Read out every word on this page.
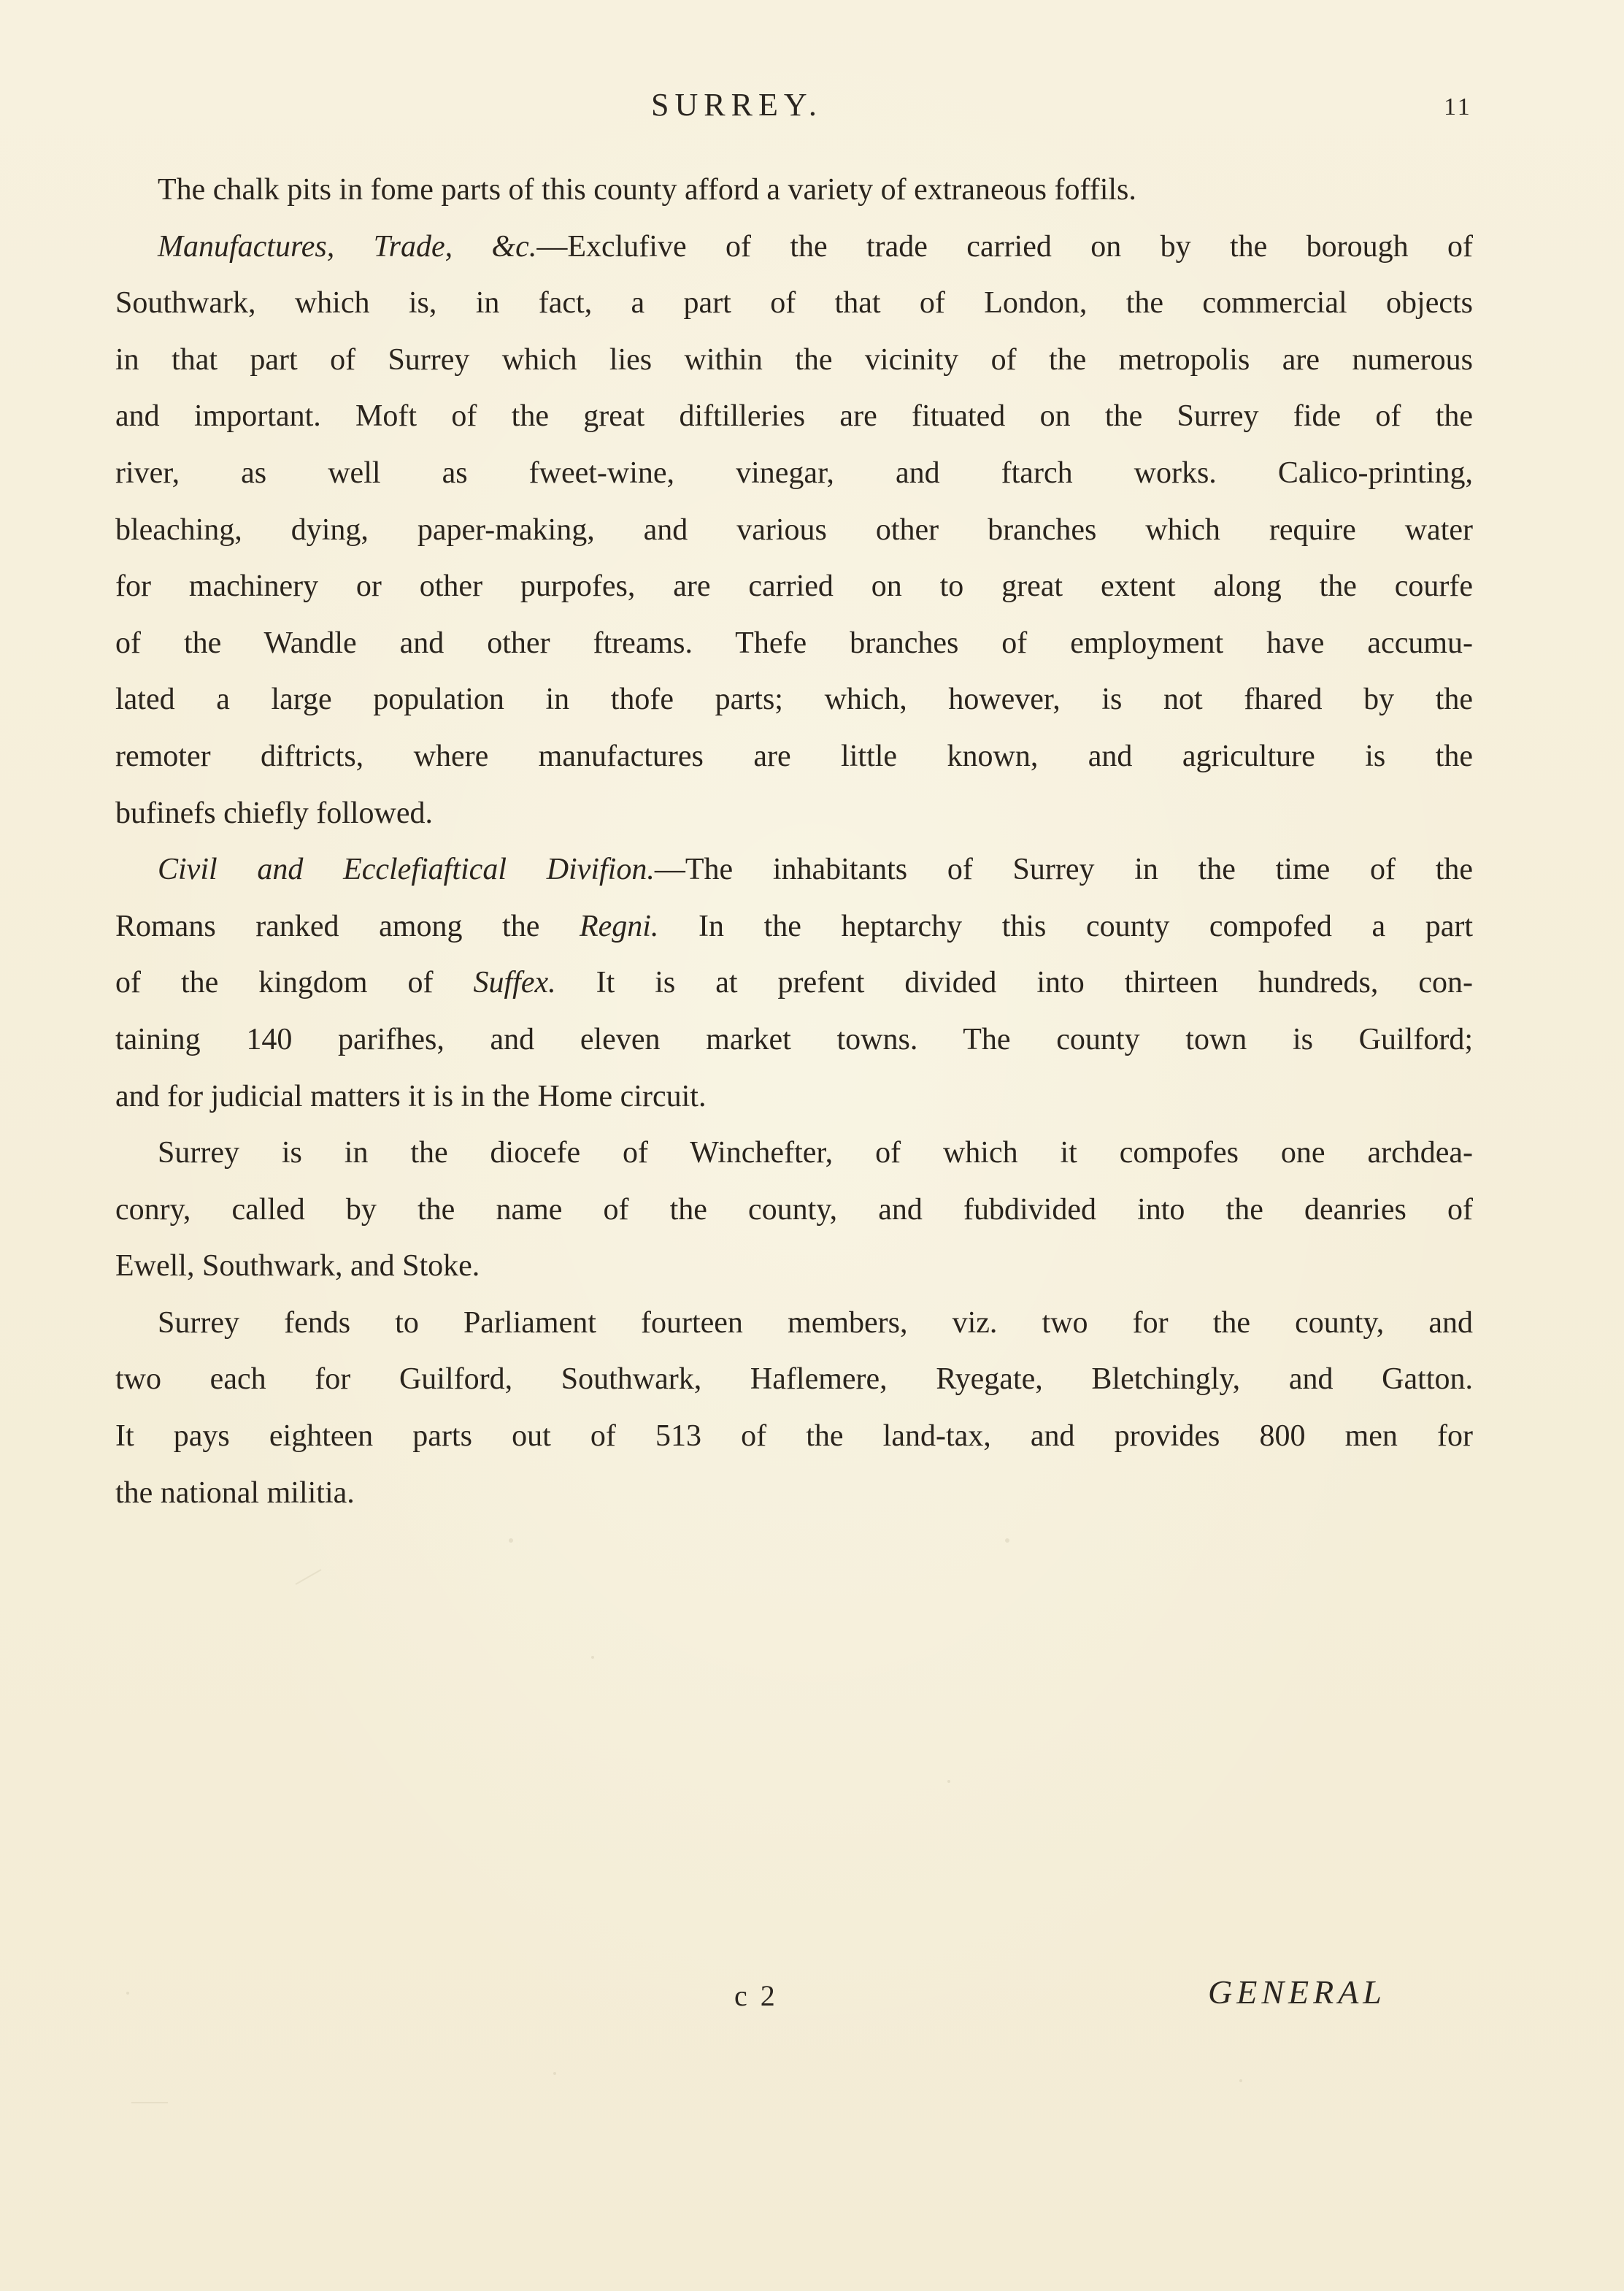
SURREY.	11
The chalk pits in fome parts of this county afford a variety of extraneous foffils.
Manufactures, Trade, &c.—Exclufive of the trade carried on by the borough of
Southwark, which is, in fact, a part of that of London, the commercial objects
in that part of Surrey which lies within the vicinity of the metropolis are numerous
and important. Moft of the great diftilleries are fituated on the Surrey fide of the
river, as well as fweet-wine, vinegar, and ftarch works. Calico-printing,
bleaching, dying, paper-making, and various other branches which require water
for machinery or other purpofes, are carried on to great extent along the courfe
of the Wandle and other ftreams. Thefe branches of employment have accumu-
lated a large population in thofe parts; which, however, is not fhared by the
remoter diftricts, where manufactures are little known, and agriculture is the
bufinefs chiefly followed.
Civil and Ecclefiaftical Divifion.—The inhabitants of Surrey in the time of the
Romans ranked among the Regni. In the heptarchy this county compofed a part
of the kingdom of Suffex. It is at prefent divided into thirteen hundreds, con-
taining 140 parifhes, and eleven market towns. The county town is Guilford;
and for judicial matters it is in the Home circuit.
Surrey is in the diocefe of Winchefter, of which it compofes one archdea-
conry, called by the name of the county, and fubdivided into the deanries of
Ewell, Southwark, and Stoke.
Surrey fends to Parliament fourteen members, viz. two for the county, and
two each for Guilford, Southwark, Haflemere, Ryegate, Bletchingly, and Gatton.
It pays eighteen parts out of 513 of the land-tax, and provides 800 men for
the national militia.
c 2	GENERAL
